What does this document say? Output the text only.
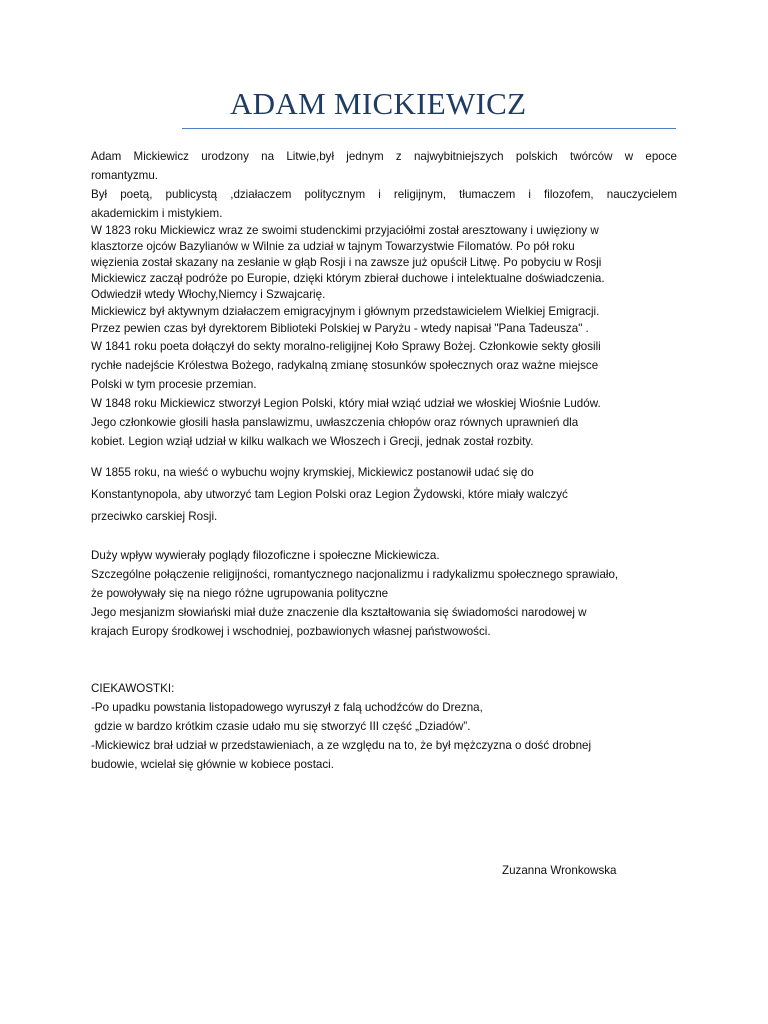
ADAM MICKIEWICZ

Adam Mickiewicz urodzony na Litwie,był jednym z najwybitniejszych polskich twórców w epoce
romantyzmu.

Był poetą, publicystą ,działaczem politycznym i religijnym, tłumaczem i filozofem, nauczycielem
akademickim i mistykiem.

W 1823 roku Mickiewicz wraz ze swoimi studenckimi przyjaciółmi został aresztowany i uwięziony w
klasztorze ojców Bazylianów w Wilnie za udział w tajnym Towarzystwie Filomatów. Po pół roku
więzienia został skazany na zesłanie w głąb Rosji i na zawsze już opuścił Litwę. Po pobyciu w Rosji
Mickiewicz zaczął podróże po Europie, dzięki którym zbierał duchowe i intelektualne doświadczenia.
Odwiedził wtedy Włochy,Niemcy i Szwajcarię.

Mickiewicz był aktywnym działaczem emigracyjnym i głównym przedstawicielem Wielkiej Emigracji.
Przez pewien czas był dyrektorem Biblioteki Polskiej w Paryżu - wtedy napisał "Pana Tadeusza" .

W 1841 roku poeta dołączył do sekty moralno-religijnej Koło Sprawy Bożej. Członkowie sekty głosili
rychłe nadejście Królestwa Bożego, radykalną zmianę stosunków społecznych oraz ważne miejsce
Polski w tym procesie przemian.

W 1848 roku Mickiewicz stworzył Legion Polski, który miał wziąć udział we włoskiej Wiośnie Ludów.
Jego członkowie głosili hasła panslawizmu, uwłaszczenia chłopów oraz równych uprawnień dla
kobiet. Legion wziął udział w kilku walkach we Włoszech i Grecji, jednak został rozbity.

W 1855 roku, na wieść o wybuchu wojny krymskiej, Mickiewicz postanowił udać się do
Konstantynopola, aby utworzyć tam Legion Polski oraz Legion Żydowski, które miały walczyć
przeciwko carskiej Rosji.

Duży wpływ wywierały poglądy filozoficzne i społeczne Mickiewicza.
Szczególne połączenie religijności, romantycznego nacjonalizmu i radykalizmu społecznego sprawiało,
że powoływały się na niego różne ugrupowania polityczne
Jego mesjanizm słowiański miał duże znaczenie dla kształtowania się świadomości narodowej w
krajach Europy środkowej i wschodniej, pozbawionych własnej państwowości.

CIEKAWOSTKI:
-Po upadku powstania listopadowego wyruszył z falą uchodźców do Drezna,
gdzie w bardzo krótkim czasie udało mu się stworzyć III część „Dziadów”.
-Mickiewicz brał udział w przedstawieniach, a ze względu na to, że był mężczyzna o dość drobnej
budowie, wcielał się głównie w kobiece postaci.

Zuzanna Wronkowska
